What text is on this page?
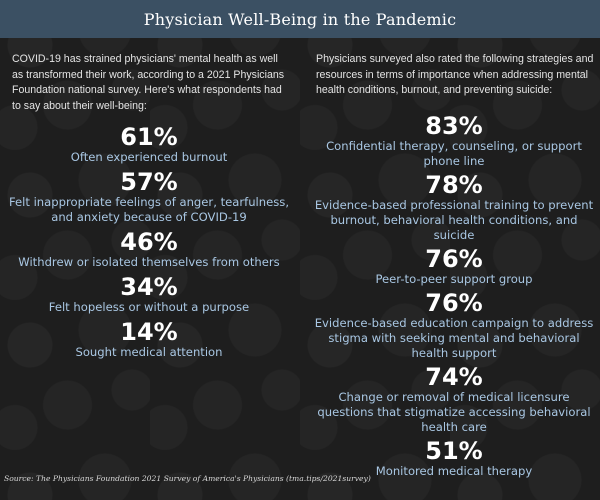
Physician Well-Being in the Pandemic

COVID-19 has strained physicians' mental health as well as transformed their work, according to a 2021 Physicians Foundation national survey. Here's what respondents had to say about their well-being:

61%
Often experienced burnout
57%
Felt inappropriate feelings of anger, tearfulness, and anxiety because of COVID-19
46%
Withdrew or isolated themselves from others
34%
Felt hopeless or without a purpose
14%
Sought medical attention

Physicians surveyed also rated the following strategies and resources in terms of importance when addressing mental health conditions, burnout, and preventing suicide:

83%
Confidential therapy, counseling, or support phone line
78%
Evidence-based professional training to prevent burnout, behavioral health conditions, and suicide
76%
Peer-to-peer support group
76%
Evidence-based education campaign to address stigma with seeking mental and behavioral health support
74%
Change or removal of medical licensure questions that stigmatize accessing behavioral health care
51%
Monitored medical therapy
Source: The Physicians Foundation 2021 Survey of America's Physicians (tma.tips/2021survey)
